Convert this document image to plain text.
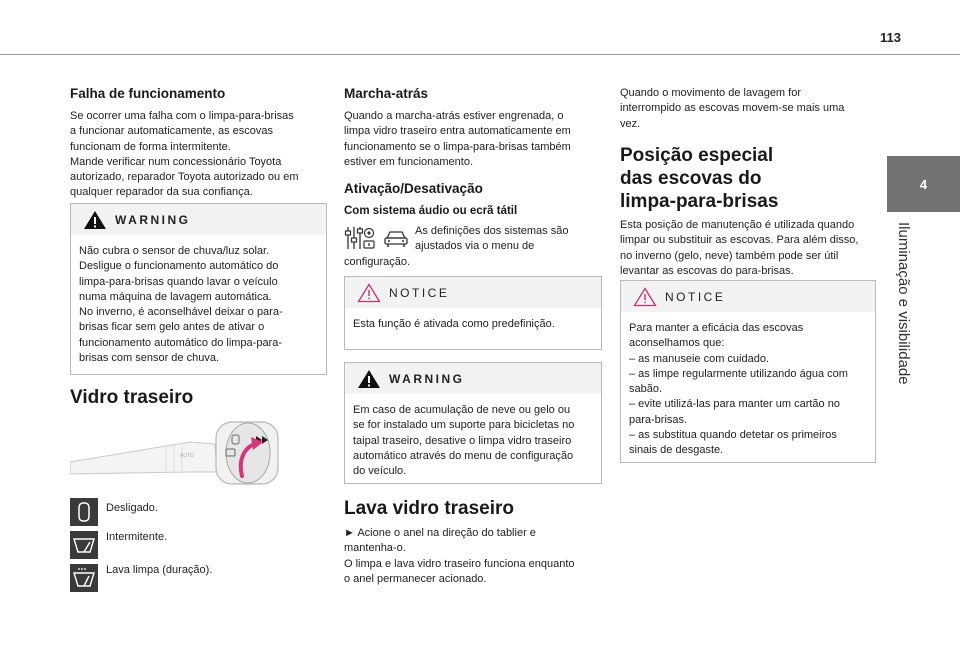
113
4
Iluminação e visibilidade
Falha de funcionamento

Se ocorrer uma falha com o limpa-para-brisas
a funcionar automaticamente, as escovas
funcionam de forma intermitente.
Mande verificar num concessionário Toyota
autorizado, reparador Toyota autorizado ou em
qualquer reparador da sua confiança.

WARNING

Não cubra o sensor de chuva/luz solar.
Desligue o funcionamento automático do
limpa-para-brisas quando lavar o veículo
numa máquina de lavagem automática.
No inverno, é aconselhável deixar o para-
brisas ficar sem gelo antes de ativar o
funcionamento automático do limpa-para-
brisas com sensor de chuva.

Vidro traseiro
AUTO
Desligado.
Intermitente.
Lava limpa (duração).
Marcha-atrás

Quando a marcha-atrás estiver engrenada, o
limpa vidro traseiro entra automaticamente em
funcionamento se o limpa-para-brisas também
estiver em funcionamento.

Ativação/Desativação
Com sistema áudio ou ecrã tátil

As definições dos sistemas são
ajustados via o menu de

configuração.

NOTICE

Esta função é ativada como predefinição.

WARNING

Em caso de acumulação de neve ou gelo ou
se for instalado um suporte para bicicletas no
taipal traseiro, desative o limpa vidro traseiro
automático através do menu de configuração
do veículo.

Lava vidro traseiro

► Acione o anel na direção do tablier e
mantenha-o.
O limpa e lava vidro traseiro funciona enquanto
o anel permanecer acionado.

Quando o movimento de lavagem for
interrompido as escovas movem-se mais uma
vez.

Posição especial
das escovas do
limpa-para-brisas

Esta posição de manutenção é utilizada quando
limpar ou substituir as escovas. Para além disso,
no inverno (gelo, neve) também pode ser útil
levantar as escovas do para-brisas.

NOTICE

Para manter a eficácia das escovas
aconselhamos que:
– as manuseie com cuidado.
– as limpe regularmente utilizando água com
sabão.
– evite utilizá-las para manter um cartão no
para-brisas.
– as substitua quando detetar os primeiros
sinais de desgaste.
